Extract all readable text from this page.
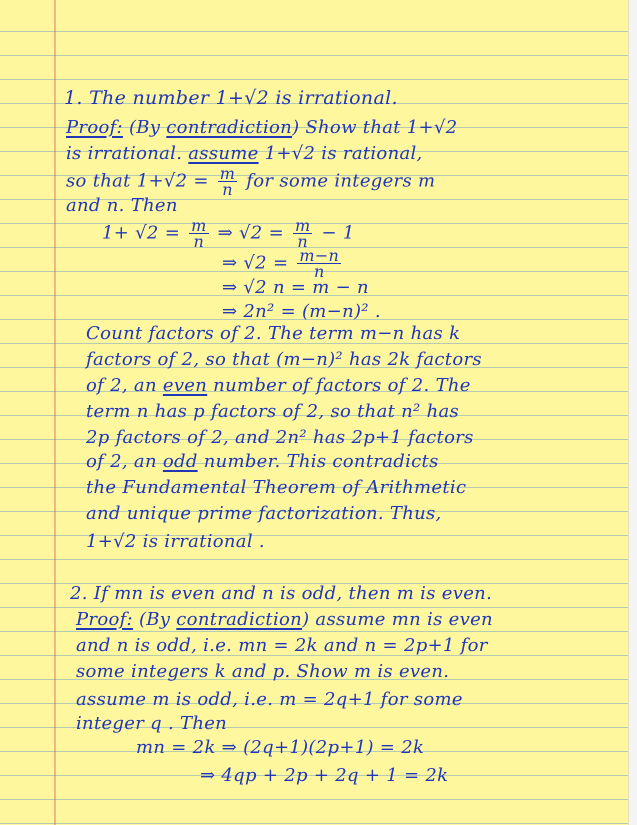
1. The number 1+√2 is irrational.

Proof: (By contradiction) Show that 1+√2

is irrational. assume 1+√2 is rational,

so that $1+√2 = \frac{m}{n}$ for some integers m

and n. Then

$1+ √2 = \frac{m}{n}$ ⇒ $√2 = \frac{m}{n} - 1$

⇒ $√2 = \frac{m-n}{n}$

⇒ √2 n = m − n

⇒ 2n² = (m−n)² .

Count factors of 2. The term m−n has k

factors of 2, so that (m−n)² has 2k factors

of 2, an even number of factors of 2. The

term n has p factors of 2, so that n² has

2p factors of 2, and 2n² has 2p+1 factors

of 2, an odd number. This contradicts

the Fundamental Theorem of Arithmetic

and unique prime factorization. Thus,

1+√2 is irrational .

2. If mn is even and n is odd, then m is even.

Proof: (By contradiction) assume mn is even

and n is odd, i.e. mn = 2k and n = 2p+1 for

some integers k and p. Show m is even.

assume m is odd, i.e. m = 2q+1 for some

integer q . Then

mn = 2k ⇒ (2q+1)(2p+1) = 2k

⇒ 4qp + 2p + 2q + 1 = 2k
